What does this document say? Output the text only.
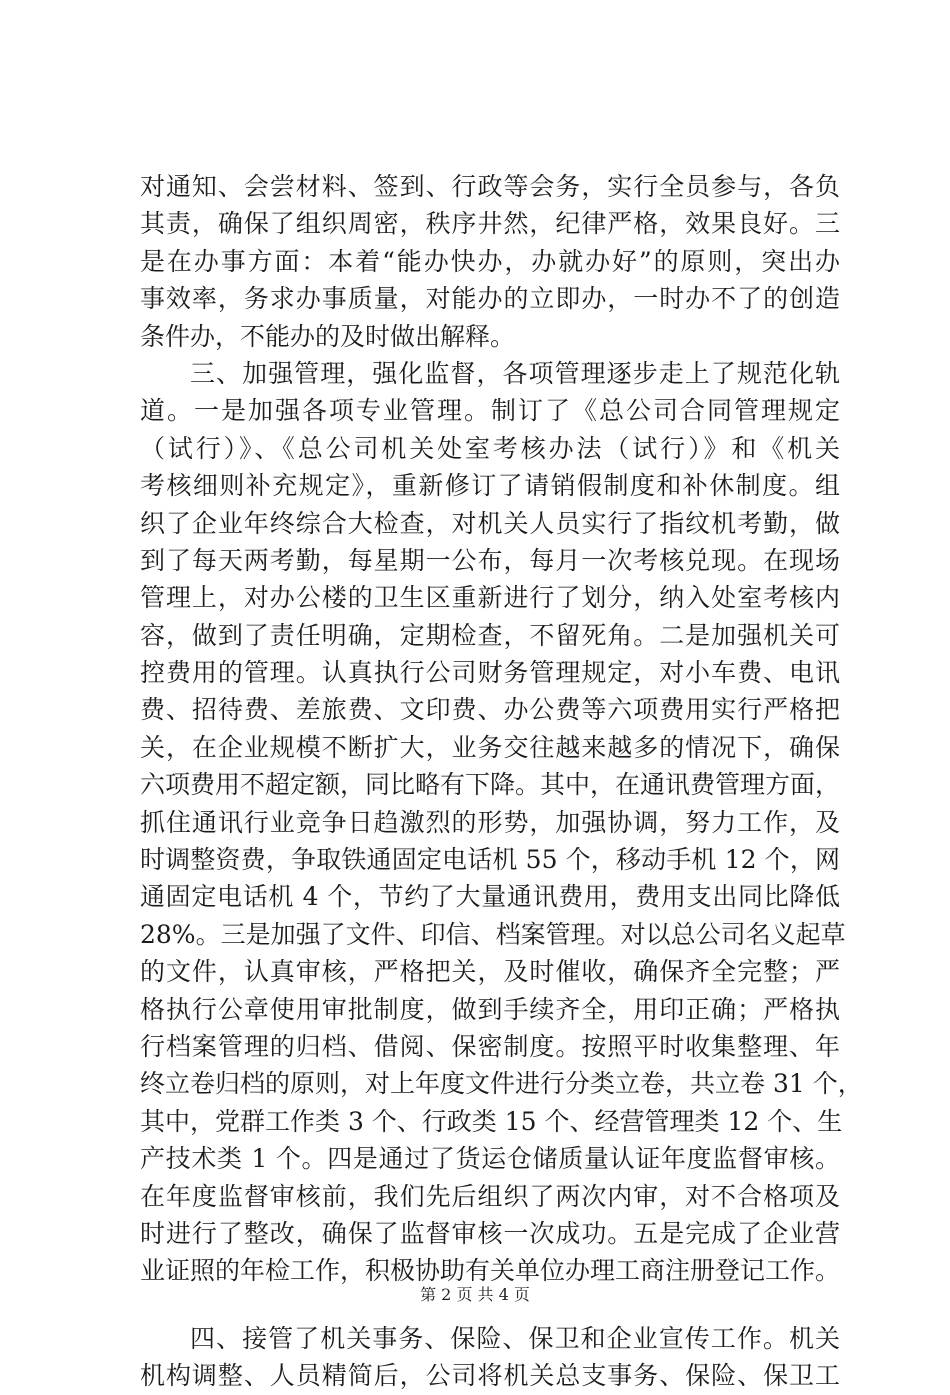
对通知、会尝材料、签到、行政等会务，实行全员参与，各负
其责，确保了组织周密，秩序井然，纪律严格，效果良好。三
是在办事方面：本着“能办快办，办就办好”的原则，突出办
事效率，务求办事质量，对能办的立即办，一时办不了的创造
条件办，不能办的及时做出解释。
三、加强管理，强化监督，各项管理逐步走上了规范化轨
道。一是加强各项专业管理。制订了《总公司合同管理规定
（试行）》、《总公司机关处室考核办法（试行）》和《机关
考核细则补充规定》，重新修订了请销假制度和补休制度。组
织了企业年终综合大检查，对机关人员实行了指纹机考勤，做
到了每天两考勤，每星期一公布，每月一次考核兑现。在现场
管理上，对办公楼的卫生区重新进行了划分，纳入处室考核内
容，做到了责任明确，定期检查，不留死角。二是加强机关可
控费用的管理。认真执行公司财务管理规定，对小车费、电讯
费、招待费、差旅费、文印费、办公费等六项费用实行严格把
关，在企业规模不断扩大，业务交往越来越多的情况下，确保
六项费用不超定额，同比略有下降。其中，在通讯费管理方面，
抓住通讯行业竞争日趋激烈的形势，加强协调，努力工作，及
时调整资费，争取铁通固定电话机 55 个，移动手机 12 个，网
通固定电话机 4 个，节约了大量通讯费用，费用支出同比降低
28%。三是加强了文件、印信、档案管理。对以总公司名义起草
的文件，认真审核，严格把关，及时催收，确保齐全完整；严
格执行公章使用审批制度，做到手续齐全，用印正确；严格执
行档案管理的归档、借阅、保密制度。按照平时收集整理、年
终立卷归档的原则，对上年度文件进行分类立卷，共立卷 31 个，
其中，党群工作类 3 个、行政类 15 个、经营管理类 12 个、生
产技术类 1 个。四是通过了货运仓储质量认证年度监督审核。
在年度监督审核前，我们先后组织了两次内审，对不合格项及
时进行了整改，确保了监督审核一次成功。五是完成了企业营
业证照的年检工作，积极协助有关单位办理工商注册登记工作。
四、接管了机关事务、保险、保卫和企业宣传工作。机关
机构调整、人员精简后，公司将机关总支事务、保险、保卫工
第 2 页 共 4 页
